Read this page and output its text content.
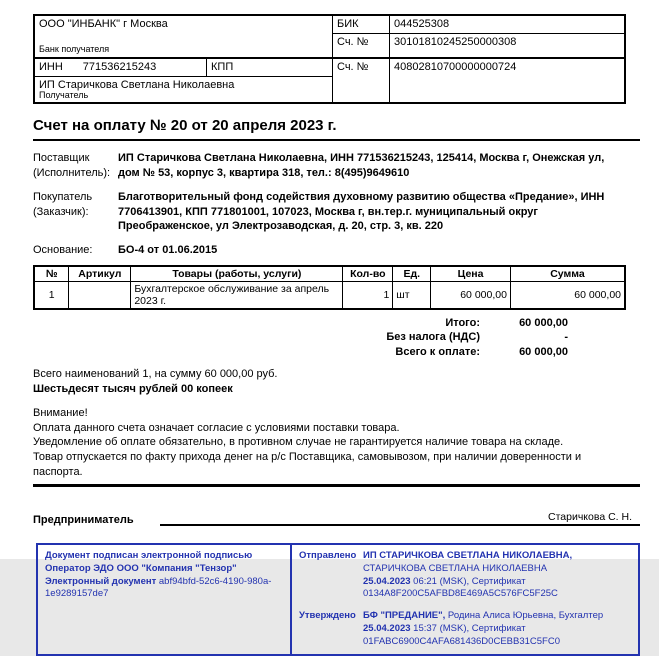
ООО "ИНБАНК" г Москва
Банк получателя
БИК	044525308
Сч. №	30101810245250000308
ИНН 771536215243	КПП	Сч. №	40802810700000000724
ИП Старичкова Светлана Николаевна
Получатель
Счет на оплату № 20 от 20 апреля 2023 г.
Поставщик
(Исполнитель):
ИП Старичкова Светлана Николаевна, ИНН 771536215243, 125414, Москва г, Онежская ул,
дом № 53, корпус 3, квартира 318, тел.: 8(495)9649610
Покупатель
(Заказчик):
Благотворительный фонд содействия духовному развитию общества «Предание», ИНН
7706413901, КПП 771801001, 107023, Москва г, вн.тер.г. муниципальный округ
Преображенское, ул Электрозаводская, д. 20, стр. 3, кв. 220
Основание:	БО-4 от 01.06.2015
№	Артикул	Товары (работы, услуги)	Кол-во	Ед.	Цена	Сумма
1		Бухгалтерское обслуживание за апрель 2023 г.	1	шт	60 000,00	60 000,00
Итого:	60 000,00
Без налога (НДС)	-
Всего к оплате:	60 000,00
Всего наименований 1, на сумму 60 000,00 руб.
Шестьдесят тысяч рублей 00 копеек
Внимание!
Оплата данного счета означает согласие с условиями поставки товара.
Уведомление об оплате обязательно, в противном случае не гарантируется наличие товара на складе.
Товар отпускается по факту прихода денег на р/с Поставщика, самовывозом, при наличии доверенности и
паспорта.
Предприниматель	Старичкова С. Н.
Документ подписан электронной подписью
Оператор ЭДО ООО "Компания "Тензор"
Электронный документ abf94bfd-52c6-4190-980a-1e9289157de7
Отправлено ИП СТАРИЧКОВА СВЕТЛАНА НИКОЛАЕВНА, СТАРИЧКОВА СВЕТЛАНА НИКОЛАЕВНА
25.04.2023 06:21 (MSK), Сертификат 0134A8F200C5AFBD8E469A5C576FC5F25C
Утверждено БФ "ПРЕДАНИЕ", Родина Алиса Юрьевна, Бухгалтер
25.04.2023 15:37 (MSK), Сертификат 01FABC6900C4AFA681436D0CEBB31C5FC0
